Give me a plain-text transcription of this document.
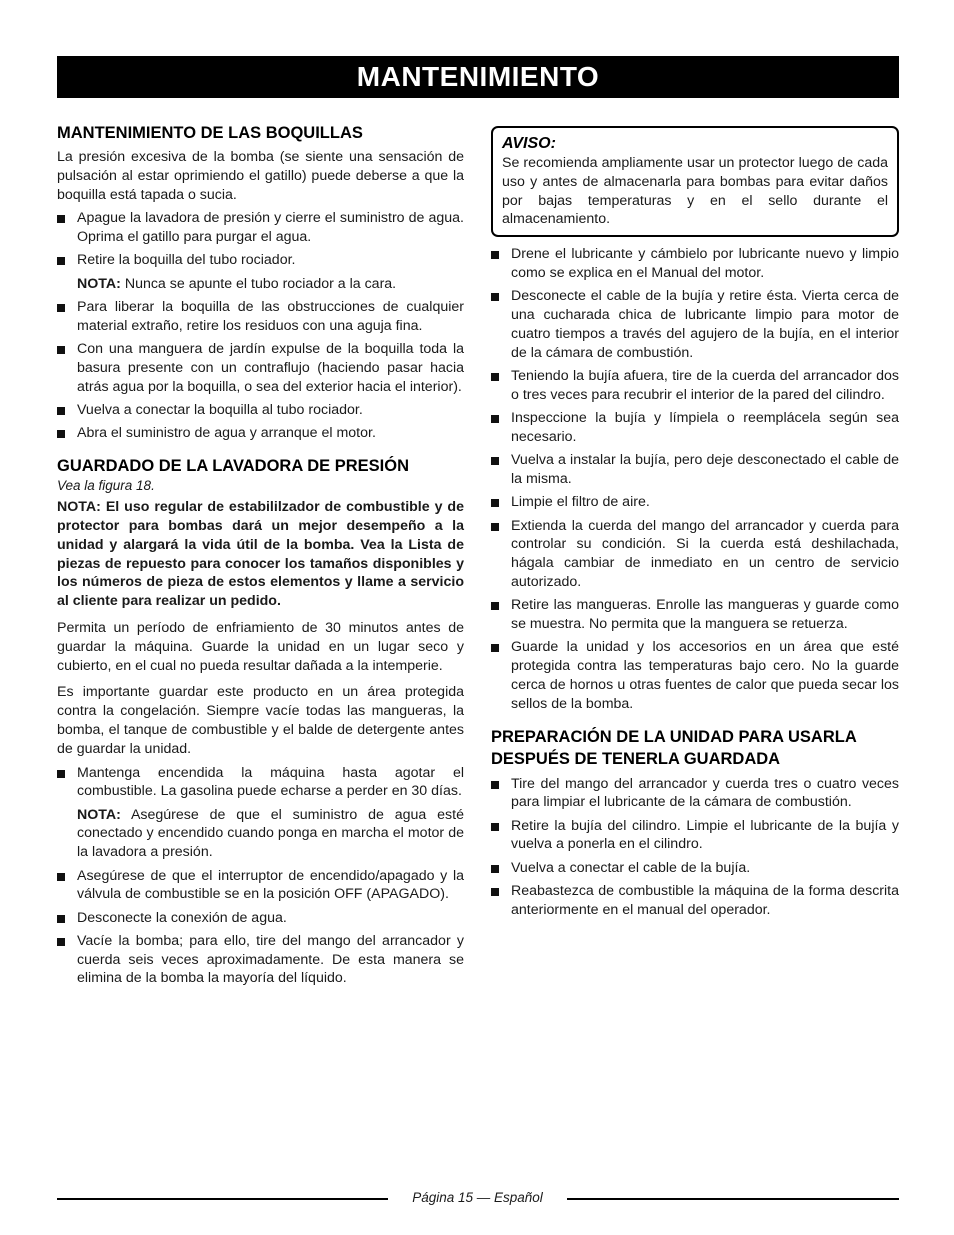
MANTENIMIENTO
MANTENIMIENTO DE LAS BOQUILLAS

La presión excesiva de la bomba (se siente una sensación de pulsación al estar oprimiendo el gatillo) puede deberse a que la boquilla está tapada o sucia.

Apague la lavadora de presión y cierre el suministro de agua. Oprima el gatillo para purgar el agua.
Retire la boquilla del tubo rociador.

NOTA: Nunca se apunte el tubo rociador a la cara.

Para liberar la boquilla de las obstrucciones de cualquier material extraño, retire los residuos con una aguja fina.
Con una manguera de jardín expulse de la boquilla toda la basura presente con un contraflujo (haciendo pasar hacia atrás agua por la boquilla, o sea del exterior hacia el interior).
Vuelva a conectar la boquilla al tubo rociador.
Abra el suministro de agua y arranque el motor.
GUARDADO DE LA LAVADORA DE PRESIÓN

Vea la figura 18.

NOTA: El uso regular de estabililzador de combustible y de protector para bombas dará un mejor desempeño a la unidad y alargará la vida útil de la bomba. Vea la Lista de piezas de repuesto para conocer los tamaños disponibles y los números de pieza de estos elementos y llame a servicio al cliente para realizar un pedido.

Permita un período de enfriamiento de 30 minutos antes de guardar la máquina. Guarde la unidad en un lugar seco y cubierto, en el cual no pueda resultar dañada a la intemperie.

Es importante guardar este producto en un área protegida contra la congelación. Siempre vacíe todas las mangueras, la bomba, el tanque de combustible y el balde de detergente antes de guardar la unidad.

Mantenga encendida la máquina hasta agotar el combustible. La gasolina puede echarse a perder en 30 días.

NOTA: Asegúrese de que el suministro de agua esté conectado y encendido cuando ponga en marcha el motor de la lavadora a presión.

Asegúrese de que el interruptor de encendido/apagado y la válvula de combustible se en la posición OFF (APAGADO).
Desconecte la conexión de agua.
Vacíe la bomba; para ello, tire del mango del arrancador y cuerda seis veces aproximadamente. De esta manera se elimina de la bomba la mayoría del líquido.
AVISO:

Se recomienda ampliamente usar un protector luego de cada uso y antes de almacenarla para bombas para evitar daños por bajas temperaturas y en el sello durante el almacenamiento.

Drene el lubricante y cámbielo por lubricante nuevo y limpio como se explica en el Manual del motor.
Desconecte el cable de la bujía y retire ésta. Vierta cerca de una cucharada chica de lubricante limpio para motor de cuatro tiempos a través del agujero de la bujía, en el interior de la cámara de combustión.
Teniendo la bujía afuera, tire de la cuerda del arrancador dos o tres veces para recubrir el interior de la pared del cilindro.
Inspeccione la bujía y límpiela o reemplácela según sea necesario.
Vuelva a instalar la bujía, pero deje desconectado el cable de la misma.
Limpie el filtro de aire.
Extienda la cuerda del mango del arrancador y cuerda para controlar su condición. Si la cuerda está deshilachada, hágala cambiar de inmediato en un centro de servicio autorizado.
Retire las mangueras. Enrolle las mangueras y guarde como se muestra. No permita que la manguera se retuerza.
Guarde la unidad y los accesorios en un área que esté protegida contra las temperaturas bajo cero. No la guarde cerca de hornos u otras fuentes de calor que pueda secar los sellos de la bomba.
PREPARACIÓN DE LA UNIDAD PARA USARLA DESPUÉS DE TENERLA GUARDADA
Tire del mango del arrancador y cuerda tres o cuatro veces para limpiar el lubricante de la cámara de combustión.
Retire la bujía del cilindro. Limpie el lubricante de la bujía y vuelva a ponerla en el cilindro.
Vuelva a conectar el cable de la bujía.
Reabastezca de combustible la máquina de la forma descrita anteriormente en el manual del operador.
Página 15 — Español
